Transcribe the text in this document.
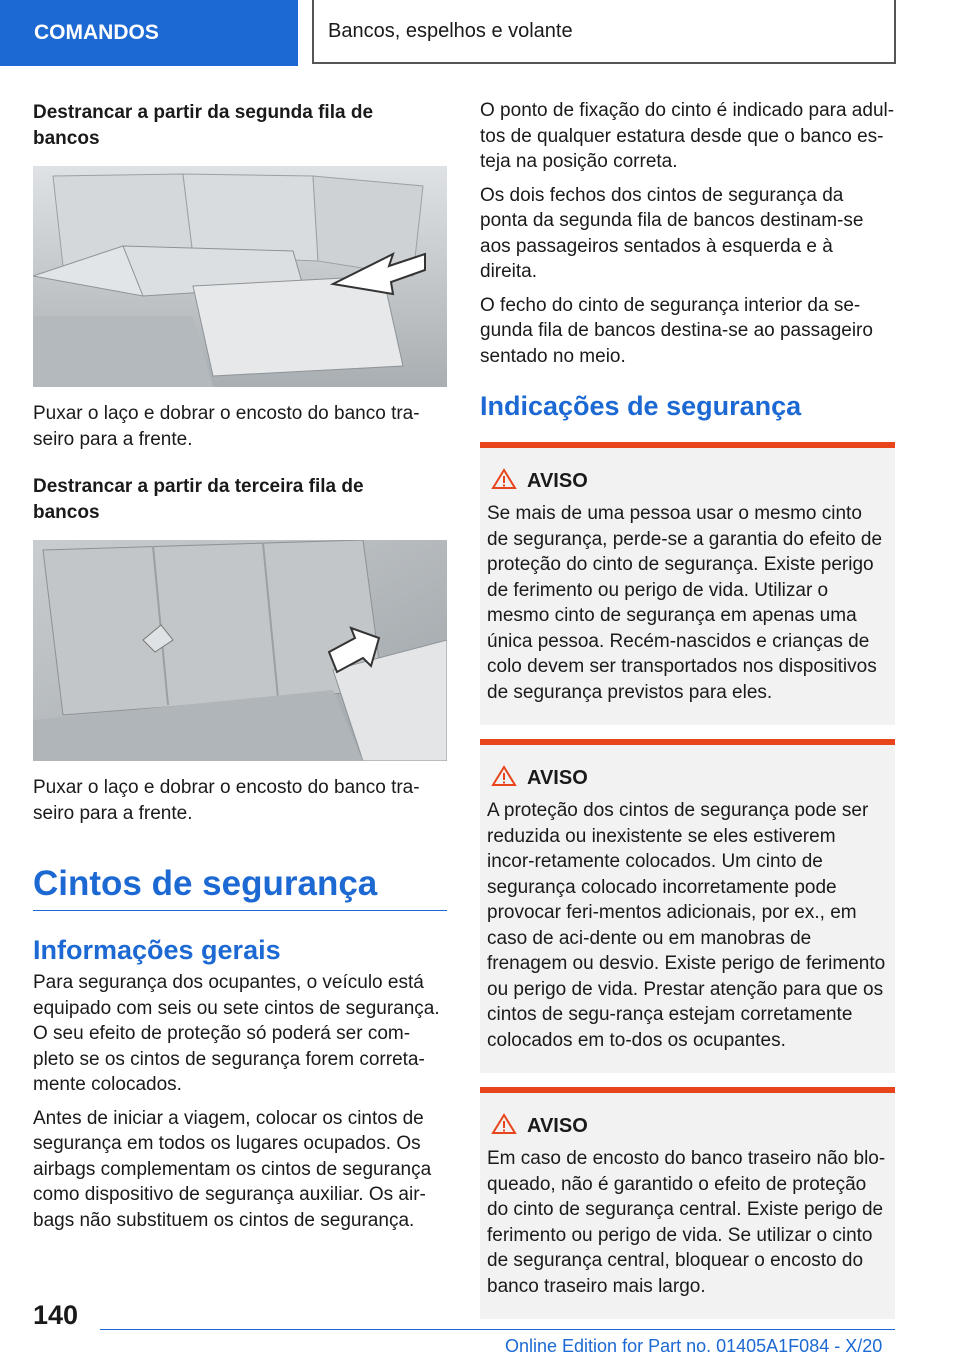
COMANDOS	Bancos, espelhos e volante
Destrancar a partir da segunda fila de bancos

Puxar o laço e dobrar o encosto do banco tra-seiro para a frente.

Destrancar a partir da terceira fila de bancos

Puxar o laço e dobrar o encosto do banco tra-seiro para a frente.

Cintos de segurança
Informações gerais

Para segurança dos ocupantes, o veículo está equipado com seis ou sete cintos de segurança. O seu efeito de proteção só poderá ser com-pleto se os cintos de segurança forem correta-mente colocados.

Antes de iniciar a viagem, colocar os cintos de segurança em todos os lugares ocupados. Os airbags complementam os cintos de segurança como dispositivo de segurança auxiliar. Os air-bags não substituem os cintos de segurança.

O ponto de fixação do cinto é indicado para adul-tos de qualquer estatura desde que o banco es-teja na posição correta.

Os dois fechos dos cintos de segurança da ponta da segunda fila de bancos destinam-se aos passageiros sentados à esquerda e à direita.

O fecho do cinto de segurança interior da se-gunda fila de bancos destina-se ao passageiro sentado no meio.

Indicações de segurança
AVISO

Se mais de uma pessoa usar o mesmo cinto de segurança, perde-se a garantia do efeito de proteção do cinto de segurança. Existe perigo de ferimento ou perigo de vida. Utilizar o mesmo cinto de segurança em apenas uma única pessoa. Recém-nascidos e crianças de colo devem ser transportados nos dispositivos de segurança previstos para eles.

AVISO

A proteção dos cintos de segurança pode ser reduzida ou inexistente se eles estiverem incor-retamente colocados. Um cinto de segurança colocado incorretamente pode provocar feri-mentos adicionais, por ex., em caso de aci-dente ou em manobras de frenagem ou desvio. Existe perigo de ferimento ou perigo de vida. Prestar atenção para que os cintos de segu-rança estejam corretamente colocados em to-dos os ocupantes.

AVISO

Em caso de encosto do banco traseiro não blo-queado, não é garantido o efeito de proteção do cinto de segurança central. Existe perigo de ferimento ou perigo de vida. Se utilizar o cinto de segurança central, bloquear o encosto do banco traseiro mais largo.

140
Online Edition for Part no. 01405A1F084 - X/20
